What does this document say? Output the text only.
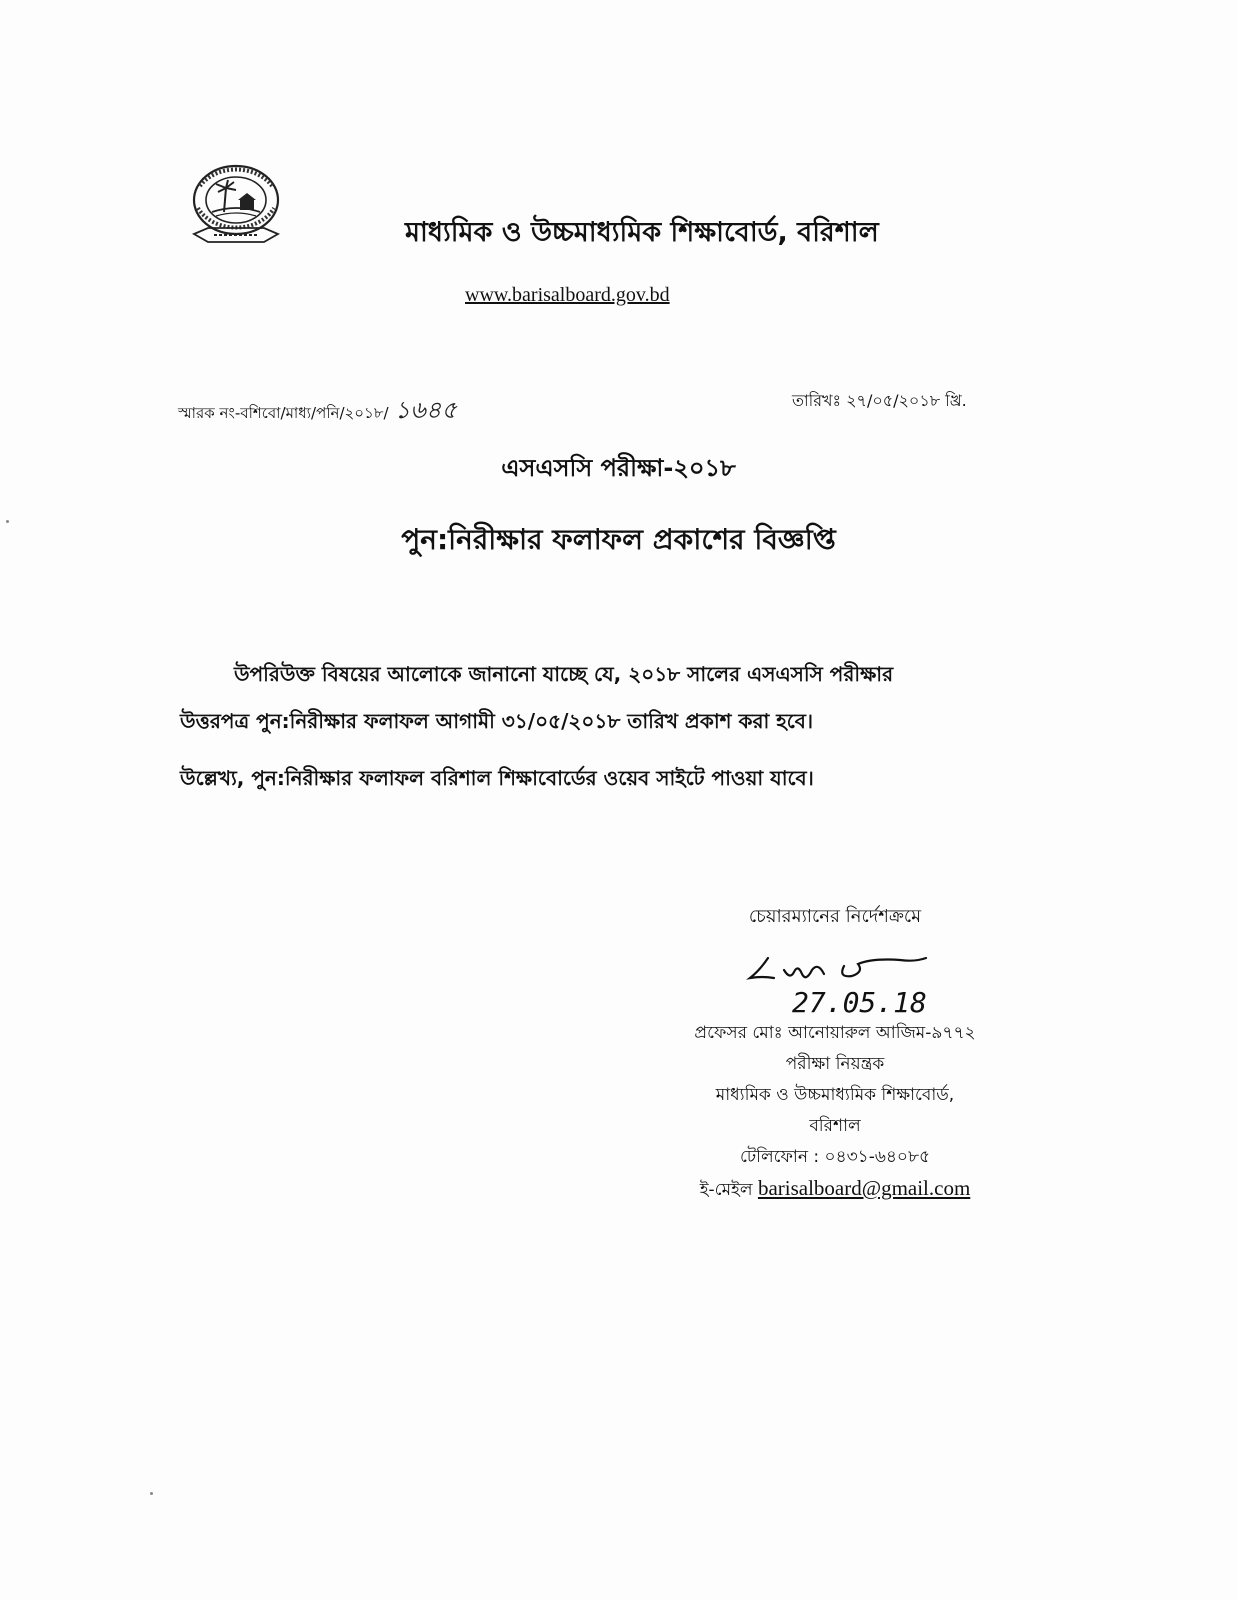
মাধ্যমিক ও উচ্চমাধ্যমিক শিক্ষাবোর্ড, বরিশাল
www.barisalboard.gov.bd
স্মারক নং-বশিবো/মাধ্য/পনি/২০১৮/ ১৬৪৫	তারিখঃ ২৭/০৫/২০১৮ খ্রি.
এসএসসি পরীক্ষা-২০১৮
পুন:নিরীক্ষার ফলাফল প্রকাশের বিজ্ঞপ্তি
উপরিউক্ত বিষয়ের আলোকে জানানো যাচ্ছে যে, ২০১৮ সালের এসএসসি পরীক্ষার
উত্তরপত্র পুন:নিরীক্ষার ফলাফল আগামী ৩১/০৫/২০১৮ তারিখ প্রকাশ করা হবে।
উল্লেখ্য, পুন:নিরীক্ষার ফলাফল বরিশাল শিক্ষাবোর্ডের ওয়েব সাইটে পাওয়া যাবে।
চেয়ারম্যানের নির্দেশক্রমে
27.05.18
প্রফেসর মোঃ আনোয়ারুল আজিম-৯৭৭২
পরীক্ষা নিয়ন্ত্রক
মাধ্যমিক ও উচ্চমাধ্যমিক শিক্ষাবোর্ড,
বরিশাল
টেলিফোন : ০৪৩১-৬৪০৮৫
ই-মেইল barisalboard@gmail.com
